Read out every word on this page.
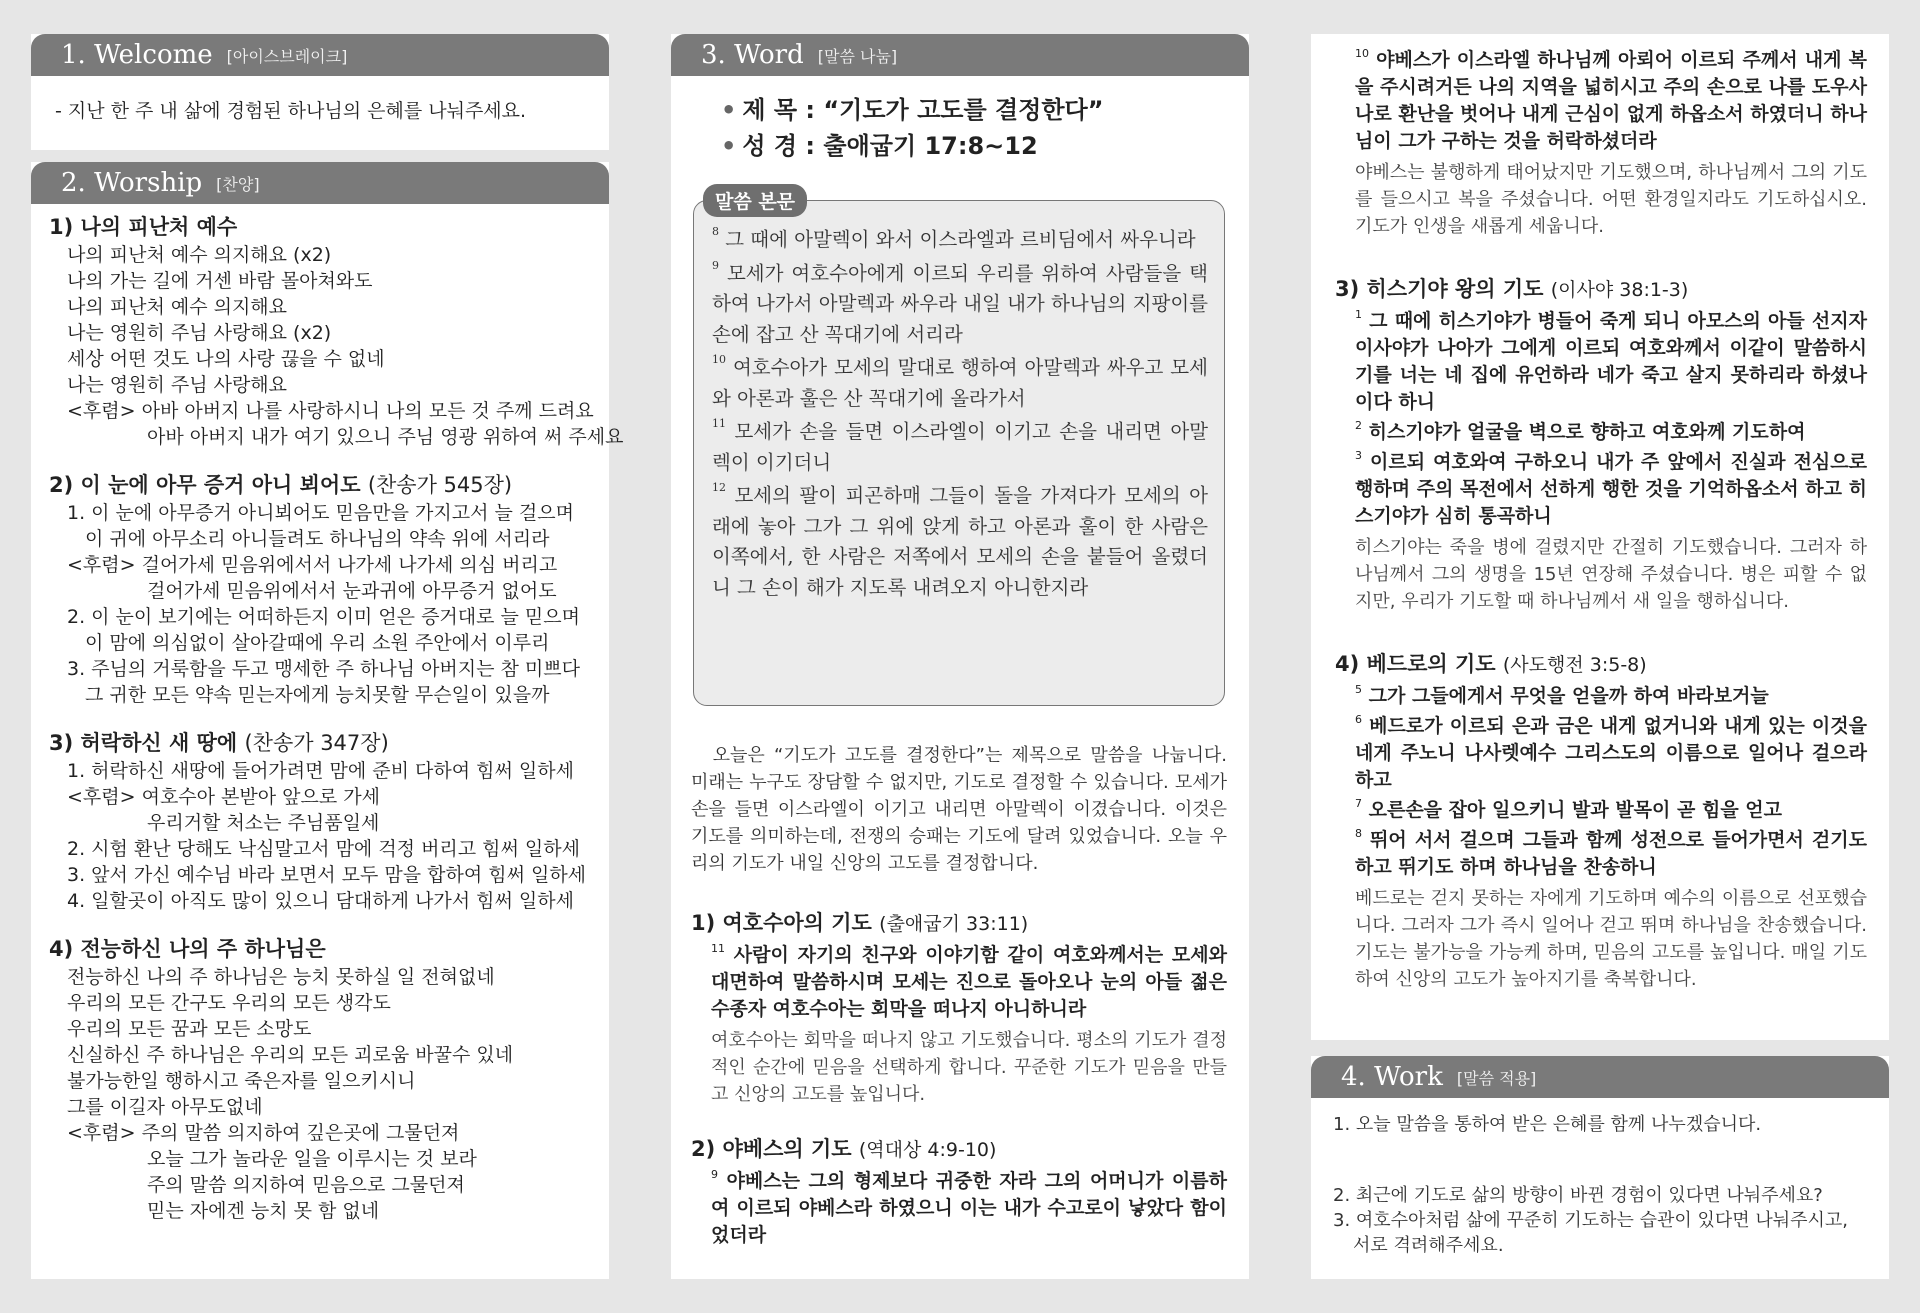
1. Welcome [아이스브레이크]
- 지난 한 주 내 삶에 경험된 하나님의 은혜를 나눠주세요.
2. Worship [찬양]
1) 나의 피난처 예수
나의 피난처 예수 의지해요 (x2)
나의 가는 길에 거센 바람 몰아쳐와도
나의 피난처 예수 의지해요
나는 영원히 주님 사랑해요 (x2)
세상 어떤 것도 나의 사랑 끊을 수 없네
나는 영원히 주님 사랑해요
<후렴> 아바 아버지 나를 사랑하시니 나의 모든 것 주께 드려요
아바 아버지 내가 여기 있으니 주님 영광 위하여 써 주세요
2) 이 눈에 아무 증거 아니 뵈어도 (찬송가 545장)
1. 이 눈에 아무증거 아니뵈어도 믿음만을 가지고서 늘 걸으며
이 귀에 아무소리 아니들려도 하나님의 약속 위에 서리라
<후렴> 걸어가세 믿음위에서서 나가세 나가세 의심 버리고
걸어가세 믿음위에서서 눈과귀에 아무증거 없어도
2. 이 눈이 보기에는 어떠하든지 이미 얻은 증거대로 늘 믿으며
이 맘에 의심없이 살아갈때에 우리 소원 주안에서 이루리
3. 주님의 거룩함을 두고 맹세한 주 하나님 아버지는 참 미쁘다
그 귀한 모든 약속 믿는자에게 능치못할 무슨일이 있을까
3) 허락하신 새 땅에 (찬송가 347장)
1. 허락하신 새땅에 들어가려면 맘에 준비 다하여 힘써 일하세
<후렴> 여호수아 본받아 앞으로 가세
우리거할 처소는 주님품일세
2. 시험 환난 당해도 낙심말고서 맘에 걱정 버리고 힘써 일하세
3. 앞서 가신 예수님 바라 보면서 모두 맘을 합하여 힘써 일하세
4. 일할곳이 아직도 많이 있으니 담대하게 나가서 힘써 일하세
4) 전능하신 나의 주 하나님은
전능하신 나의 주 하나님은 능치 못하실 일 전혀없네
우리의 모든 간구도 우리의 모든 생각도
우리의 모든 꿈과 모든 소망도
신실하신 주 하나님은 우리의 모든 괴로움 바꿀수 있네
불가능한일 행하시고 죽은자를 일으키시니
그를 이길자 아무도없네
<후렴> 주의 말씀 의지하여 깊은곳에 그물던져
오늘 그가 놀라운 일을 이루시는 것 보라
주의 말씀 의지하여 믿음으로 그물던져
믿는 자에겐 능치 못 함 없네
3. Word [말씀 나눔]
• 제 목 : “기도가 고도를 결정한다”
• 성 경 : 출애굽기 17:8~12
$^8$ 그 때에 아말렉이 와서 이스라엘과 르비딤에서 싸우니라
$^9$ 모세가 여호수아에게 이르되 우리를 위하여 사람들을 택하여 나가서 아말렉과 싸우라 내일 내가 하나님의 지팡이를 손에 잡고 산 꼭대기에 서리라
$^{10}$ 여호수아가 모세의 말대로 행하여 아말렉과 싸우고 모세와 아론과 훌은 산 꼭대기에 올라가서
$^{11}$ 모세가 손을 들면 이스라엘이 이기고 손을 내리면 아말렉이 이기더니
$^{12}$ 모세의 팔이 피곤하매 그들이 돌을 가져다가 모세의 아래에 놓아 그가 그 위에 앉게 하고 아론과 훌이 한 사람은 이쪽에서, 한 사람은 저쪽에서 모세의 손을 붙들어 올렸더니 그 손이 해가 지도록 내려오지 아니한지라
말씀 본문
오늘은 “기도가 고도를 결정한다”는 제목으로 말씀을 나눕니다. 미래는 누구도 장담할 수 없지만, 기도로 결정할 수 있습니다. 모세가 손을 들면 이스라엘이 이기고 내리면 아말렉이 이겼습니다. 이것은 기도를 의미하는데, 전쟁의 승패는 기도에 달려 있었습니다. 오늘 우리의 기도가 내일 신앙의 고도를 결정합니다.
1) 여호수아의 기도 (출애굽기 33:11)
$^{11}$ 사람이 자기의 친구와 이야기함 같이 여호와께서는 모세와 대면하여 말씀하시며 모세는 진으로 돌아오나 눈의 아들 젊은 수종자 여호수아는 회막을 떠나지 아니하니라
여호수아는 회막을 떠나지 않고 기도했습니다. 평소의 기도가 결정적인 순간에 믿음을 선택하게 합니다. 꾸준한 기도가 믿음을 만들고 신앙의 고도를 높입니다.
2) 야베스의 기도 (역대상 4:9-10)
$^9$ 야베스는 그의 형제보다 귀중한 자라 그의 어머니가 이름하여 이르되 야베스라 하였으니 이는 내가 수고로이 낳았다 함이었더라
$^{10}$ 야베스가 이스라엘 하나님께 아뢰어 이르되 주께서 내게 복을 주시려거든 나의 지역을 넓히시고 주의 손으로 나를 도우사 나로 환난을 벗어나 내게 근심이 없게 하옵소서 하였더니 하나님이 그가 구하는 것을 허락하셨더라
야베스는 불행하게 태어났지만 기도했으며, 하나님께서 그의 기도를 들으시고 복을 주셨습니다. 어떤 환경일지라도 기도하십시오. 기도가 인생을 새롭게 세웁니다.
3) 히스기야 왕의 기도 (이사야 38:1-3)
$^1$ 그 때에 히스기야가 병들어 죽게 되니 아모스의 아들 선지자 이사야가 나아가 그에게 이르되 여호와께서 이같이 말씀하시기를 너는 네 집에 유언하라 네가 죽고 살지 못하리라 하셨나이다 하니
$^2$ 히스기야가 얼굴을 벽으로 향하고 여호와께 기도하여
$^3$ 이르되 여호와여 구하오니 내가 주 앞에서 진실과 전심으로 행하며 주의 목전에서 선하게 행한 것을 기억하옵소서 하고 히스기야가 심히 통곡하니
히스기야는 죽을 병에 걸렸지만 간절히 기도했습니다. 그러자 하나님께서 그의 생명을 15년 연장해 주셨습니다. 병은 피할 수 없지만, 우리가 기도할 때 하나님께서 새 일을 행하십니다.
4) 베드로의 기도 (사도행전 3:5-8)
$^5$ 그가 그들에게서 무엇을 얻을까 하여 바라보거늘
$^6$ 베드로가 이르되 은과 금은 내게 없거니와 내게 있는 이것을 네게 주노니 나사렛예수 그리스도의 이름으로 일어나 걸으라 하고
$^7$ 오른손을 잡아 일으키니 발과 발목이 곧 힘을 얻고
$^8$ 뛰어 서서 걸으며 그들과 함께 성전으로 들어가면서 걷기도 하고 뛰기도 하며 하나님을 찬송하니
베드로는 걷지 못하는 자에게 기도하며 예수의 이름으로 선포했습니다. 그러자 그가 즉시 일어나 걷고 뛰며 하나님을 찬송했습니다. 기도는 불가능을 가능케 하며, 믿음의 고도를 높입니다. 매일 기도하여 신앙의 고도가 높아지기를 축복합니다.
4. Work [말씀 적용]
1. 오늘 말씀을 통하여 받은 은혜를 함께 나누겠습니다.
2. 최근에 기도로 삶의 방향이 바뀐 경험이 있다면 나눠주세요?
3. 여호수아처럼 삶에 꾸준히 기도하는 습관이 있다면 나눠주시고, 서로 격려해주세요.
